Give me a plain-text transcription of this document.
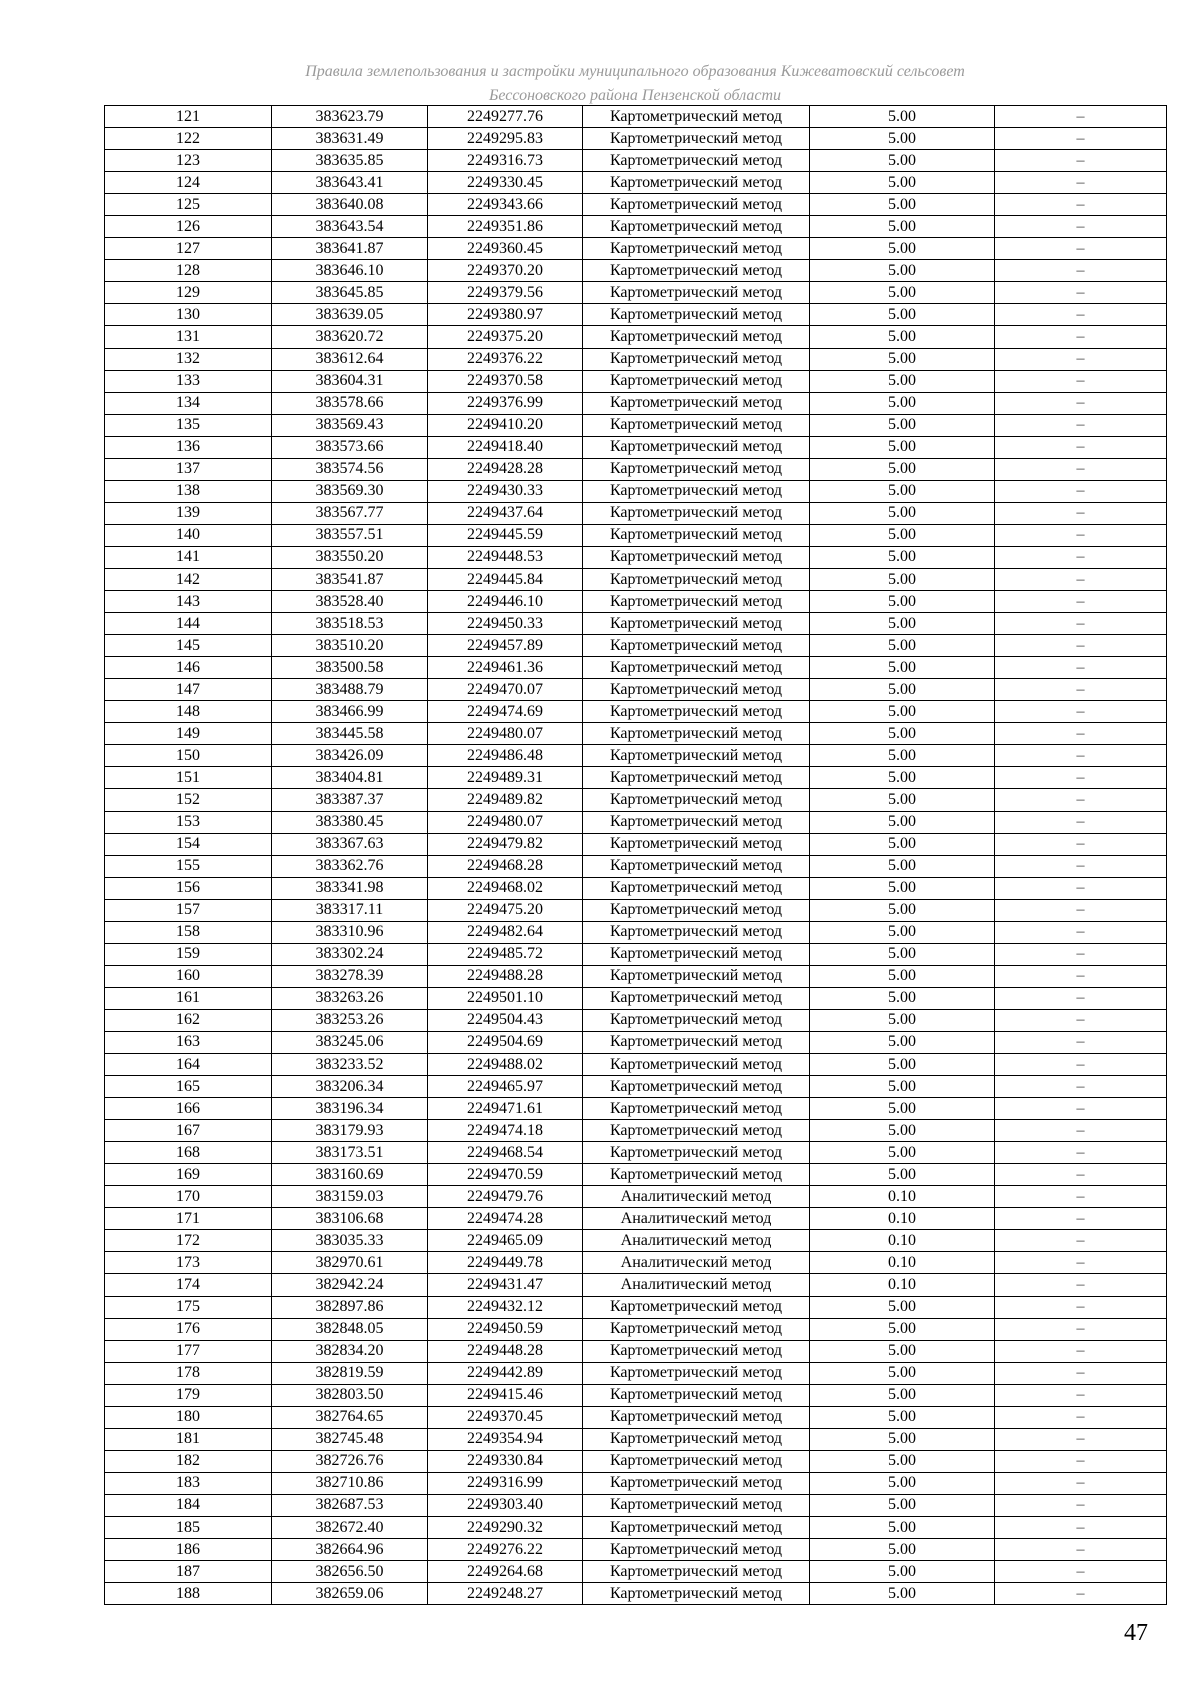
Правила землепользования и застройки муниципального образования Кижеватовский сельсовет
Бессоновского района Пензенской области
121	383623.79	2249277.76	Картометрический метод	5.00	–
122	383631.49	2249295.83	Картометрический метод	5.00	–
123	383635.85	2249316.73	Картометрический метод	5.00	–
124	383643.41	2249330.45	Картометрический метод	5.00	–
125	383640.08	2249343.66	Картометрический метод	5.00	–
126	383643.54	2249351.86	Картометрический метод	5.00	–
127	383641.87	2249360.45	Картометрический метод	5.00	–
128	383646.10	2249370.20	Картометрический метод	5.00	–
129	383645.85	2249379.56	Картометрический метод	5.00	–
130	383639.05	2249380.97	Картометрический метод	5.00	–
131	383620.72	2249375.20	Картометрический метод	5.00	–
132	383612.64	2249376.22	Картометрический метод	5.00	–
133	383604.31	2249370.58	Картометрический метод	5.00	–
134	383578.66	2249376.99	Картометрический метод	5.00	–
135	383569.43	2249410.20	Картометрический метод	5.00	–
136	383573.66	2249418.40	Картометрический метод	5.00	–
137	383574.56	2249428.28	Картометрический метод	5.00	–
138	383569.30	2249430.33	Картометрический метод	5.00	–
139	383567.77	2249437.64	Картометрический метод	5.00	–
140	383557.51	2249445.59	Картометрический метод	5.00	–
141	383550.20	2249448.53	Картометрический метод	5.00	–
142	383541.87	2249445.84	Картометрический метод	5.00	–
143	383528.40	2249446.10	Картометрический метод	5.00	–
144	383518.53	2249450.33	Картометрический метод	5.00	–
145	383510.20	2249457.89	Картометрический метод	5.00	–
146	383500.58	2249461.36	Картометрический метод	5.00	–
147	383488.79	2249470.07	Картометрический метод	5.00	–
148	383466.99	2249474.69	Картометрический метод	5.00	–
149	383445.58	2249480.07	Картометрический метод	5.00	–
150	383426.09	2249486.48	Картометрический метод	5.00	–
151	383404.81	2249489.31	Картометрический метод	5.00	–
152	383387.37	2249489.82	Картометрический метод	5.00	–
153	383380.45	2249480.07	Картометрический метод	5.00	–
154	383367.63	2249479.82	Картометрический метод	5.00	–
155	383362.76	2249468.28	Картометрический метод	5.00	–
156	383341.98	2249468.02	Картометрический метод	5.00	–
157	383317.11	2249475.20	Картометрический метод	5.00	–
158	383310.96	2249482.64	Картометрический метод	5.00	–
159	383302.24	2249485.72	Картометрический метод	5.00	–
160	383278.39	2249488.28	Картометрический метод	5.00	–
161	383263.26	2249501.10	Картометрический метод	5.00	–
162	383253.26	2249504.43	Картометрический метод	5.00	–
163	383245.06	2249504.69	Картометрический метод	5.00	–
164	383233.52	2249488.02	Картометрический метод	5.00	–
165	383206.34	2249465.97	Картометрический метод	5.00	–
166	383196.34	2249471.61	Картометрический метод	5.00	–
167	383179.93	2249474.18	Картометрический метод	5.00	–
168	383173.51	2249468.54	Картометрический метод	5.00	–
169	383160.69	2249470.59	Картометрический метод	5.00	–
170	383159.03	2249479.76	Аналитический метод	0.10	–
171	383106.68	2249474.28	Аналитический метод	0.10	–
172	383035.33	2249465.09	Аналитический метод	0.10	–
173	382970.61	2249449.78	Аналитический метод	0.10	–
174	382942.24	2249431.47	Аналитический метод	0.10	–
175	382897.86	2249432.12	Картометрический метод	5.00	–
176	382848.05	2249450.59	Картометрический метод	5.00	–
177	382834.20	2249448.28	Картометрический метод	5.00	–
178	382819.59	2249442.89	Картометрический метод	5.00	–
179	382803.50	2249415.46	Картометрический метод	5.00	–
180	382764.65	2249370.45	Картометрический метод	5.00	–
181	382745.48	2249354.94	Картометрический метод	5.00	–
182	382726.76	2249330.84	Картометрический метод	5.00	–
183	382710.86	2249316.99	Картометрический метод	5.00	–
184	382687.53	2249303.40	Картометрический метод	5.00	–
185	382672.40	2249290.32	Картометрический метод	5.00	–
186	382664.96	2249276.22	Картометрический метод	5.00	–
187	382656.50	2249264.68	Картометрический метод	5.00	–
188	382659.06	2249248.27	Картометрический метод	5.00	–
47
